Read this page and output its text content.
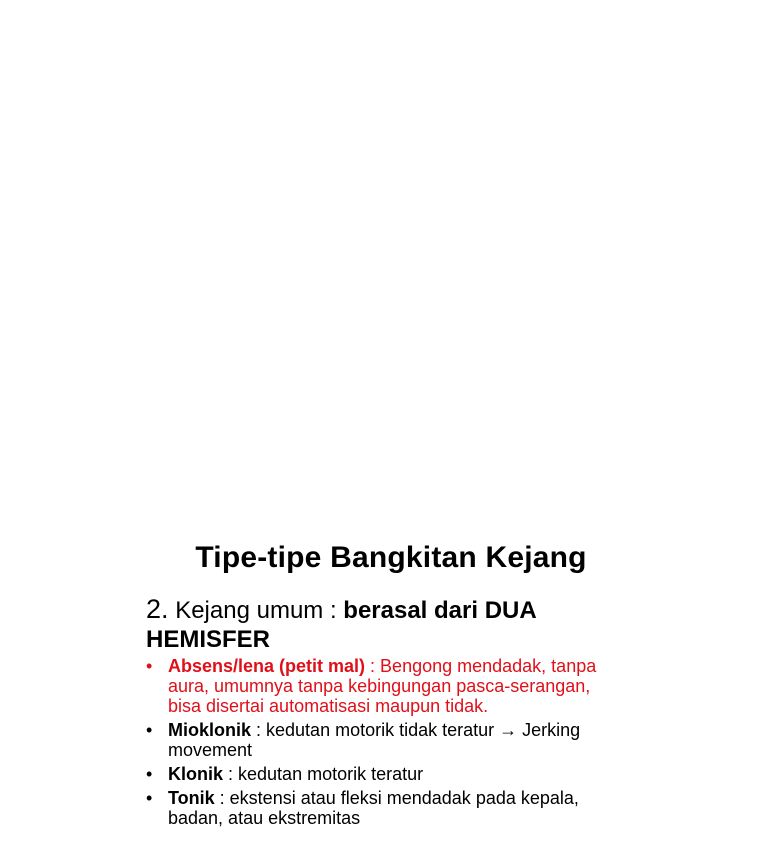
Tipe-tipe Bangkitan Kejang
2. Kejang umum : berasal dari DUA HEMISFER
• Absens/lena (petit mal) : Bengong mendadak, tanpa aura, umumnya tanpa kebingungan pasca-serangan, bisa disertai automatisasi maupun tidak.
• Mioklonik : kedutan motorik tidak teratur → Jerking movement
• Klonik : kedutan motorik teratur
• Tonik : ekstensi atau fleksi mendadak pada kepala, badan, atau ekstremitas
